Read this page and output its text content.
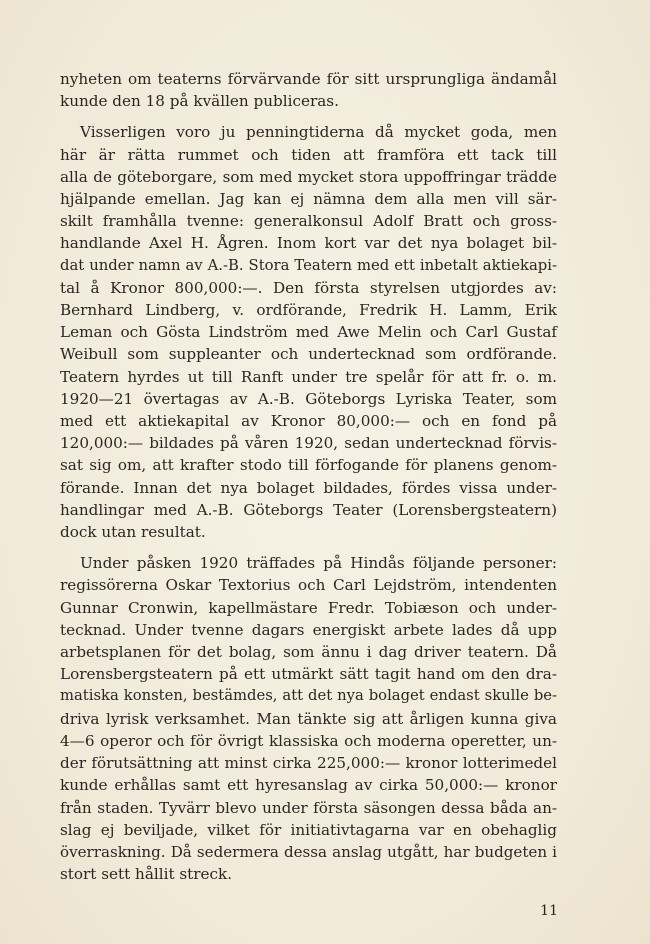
nyheten om teaterns förvärvande för sitt ursprungliga ändamål
kunde den 18 på kvällen publiceras.
Visserligen voro ju penningtiderna då mycket goda, men
här är rätta rummet och tiden att framföra ett tack till
alla de göteborgare, som med mycket stora uppoffringar trädde
hjälpande emellan. Jag kan ej nämna dem alla men vill sär-
skilt framhålla tvenne: generalkonsul Adolf Bratt och gross-
handlande Axel H. Ågren. Inom kort var det nya bolaget bil-
dat under namn av A.-B. Stora Teatern med ett inbetalt aktiekapi-
tal å Kronor 800,000:—. Den första styrelsen utgjordes av:
Bernhard Lindberg, v. ordförande, Fredrik H. Lamm, Erik
Leman och Gösta Lindström med Awe Melin och Carl Gustaf
Weibull som suppleanter och undertecknad som ordförande.
Teatern hyrdes ut till Ranft under tre spelår för att fr. o. m.
1920—21 övertagas av A.-B. Göteborgs Lyriska Teater, som
med ett aktiekapital av Kronor 80,000:— och en fond på
120,000:— bildades på våren 1920, sedan undertecknad förvis-
sat sig om, att krafter stodo till förfogande för planens genom-
förande. Innan det nya bolaget bildades, fördes vissa under-
handlingar med A.-B. Göteborgs Teater (Lorensbergsteatern)
dock utan resultat.
Under påsken 1920 träffades på Hindås följande personer:
regissörerna Oskar Textorius och Carl Lejdström, intendenten
Gunnar Cronwin, kapellmästare Fredr. Tobiæson och under-
tecknad. Under tvenne dagars energiskt arbete lades då upp
arbetsplanen för det bolag, som ännu i dag driver teatern. Då
Lorensbergsteatern på ett utmärkt sätt tagit hand om den dra-
matiska konsten, bestämdes, att det nya bolaget endast skulle be-
driva lyrisk verksamhet. Man tänkte sig att årligen kunna giva
4—6 operor och för övrigt klassiska och moderna operetter, un-
der förutsättning att minst cirka 225,000:— kronor lotterimedel
kunde erhållas samt ett hyresanslag av cirka 50,000:— kronor
från staden. Tyvärr blevo under första säsongen dessa båda an-
slag ej beviljade, vilket för initiativtagarna var en obehaglig
överraskning. Då sedermera dessa anslag utgått, har budgeten i
stort sett hållit streck.
11
